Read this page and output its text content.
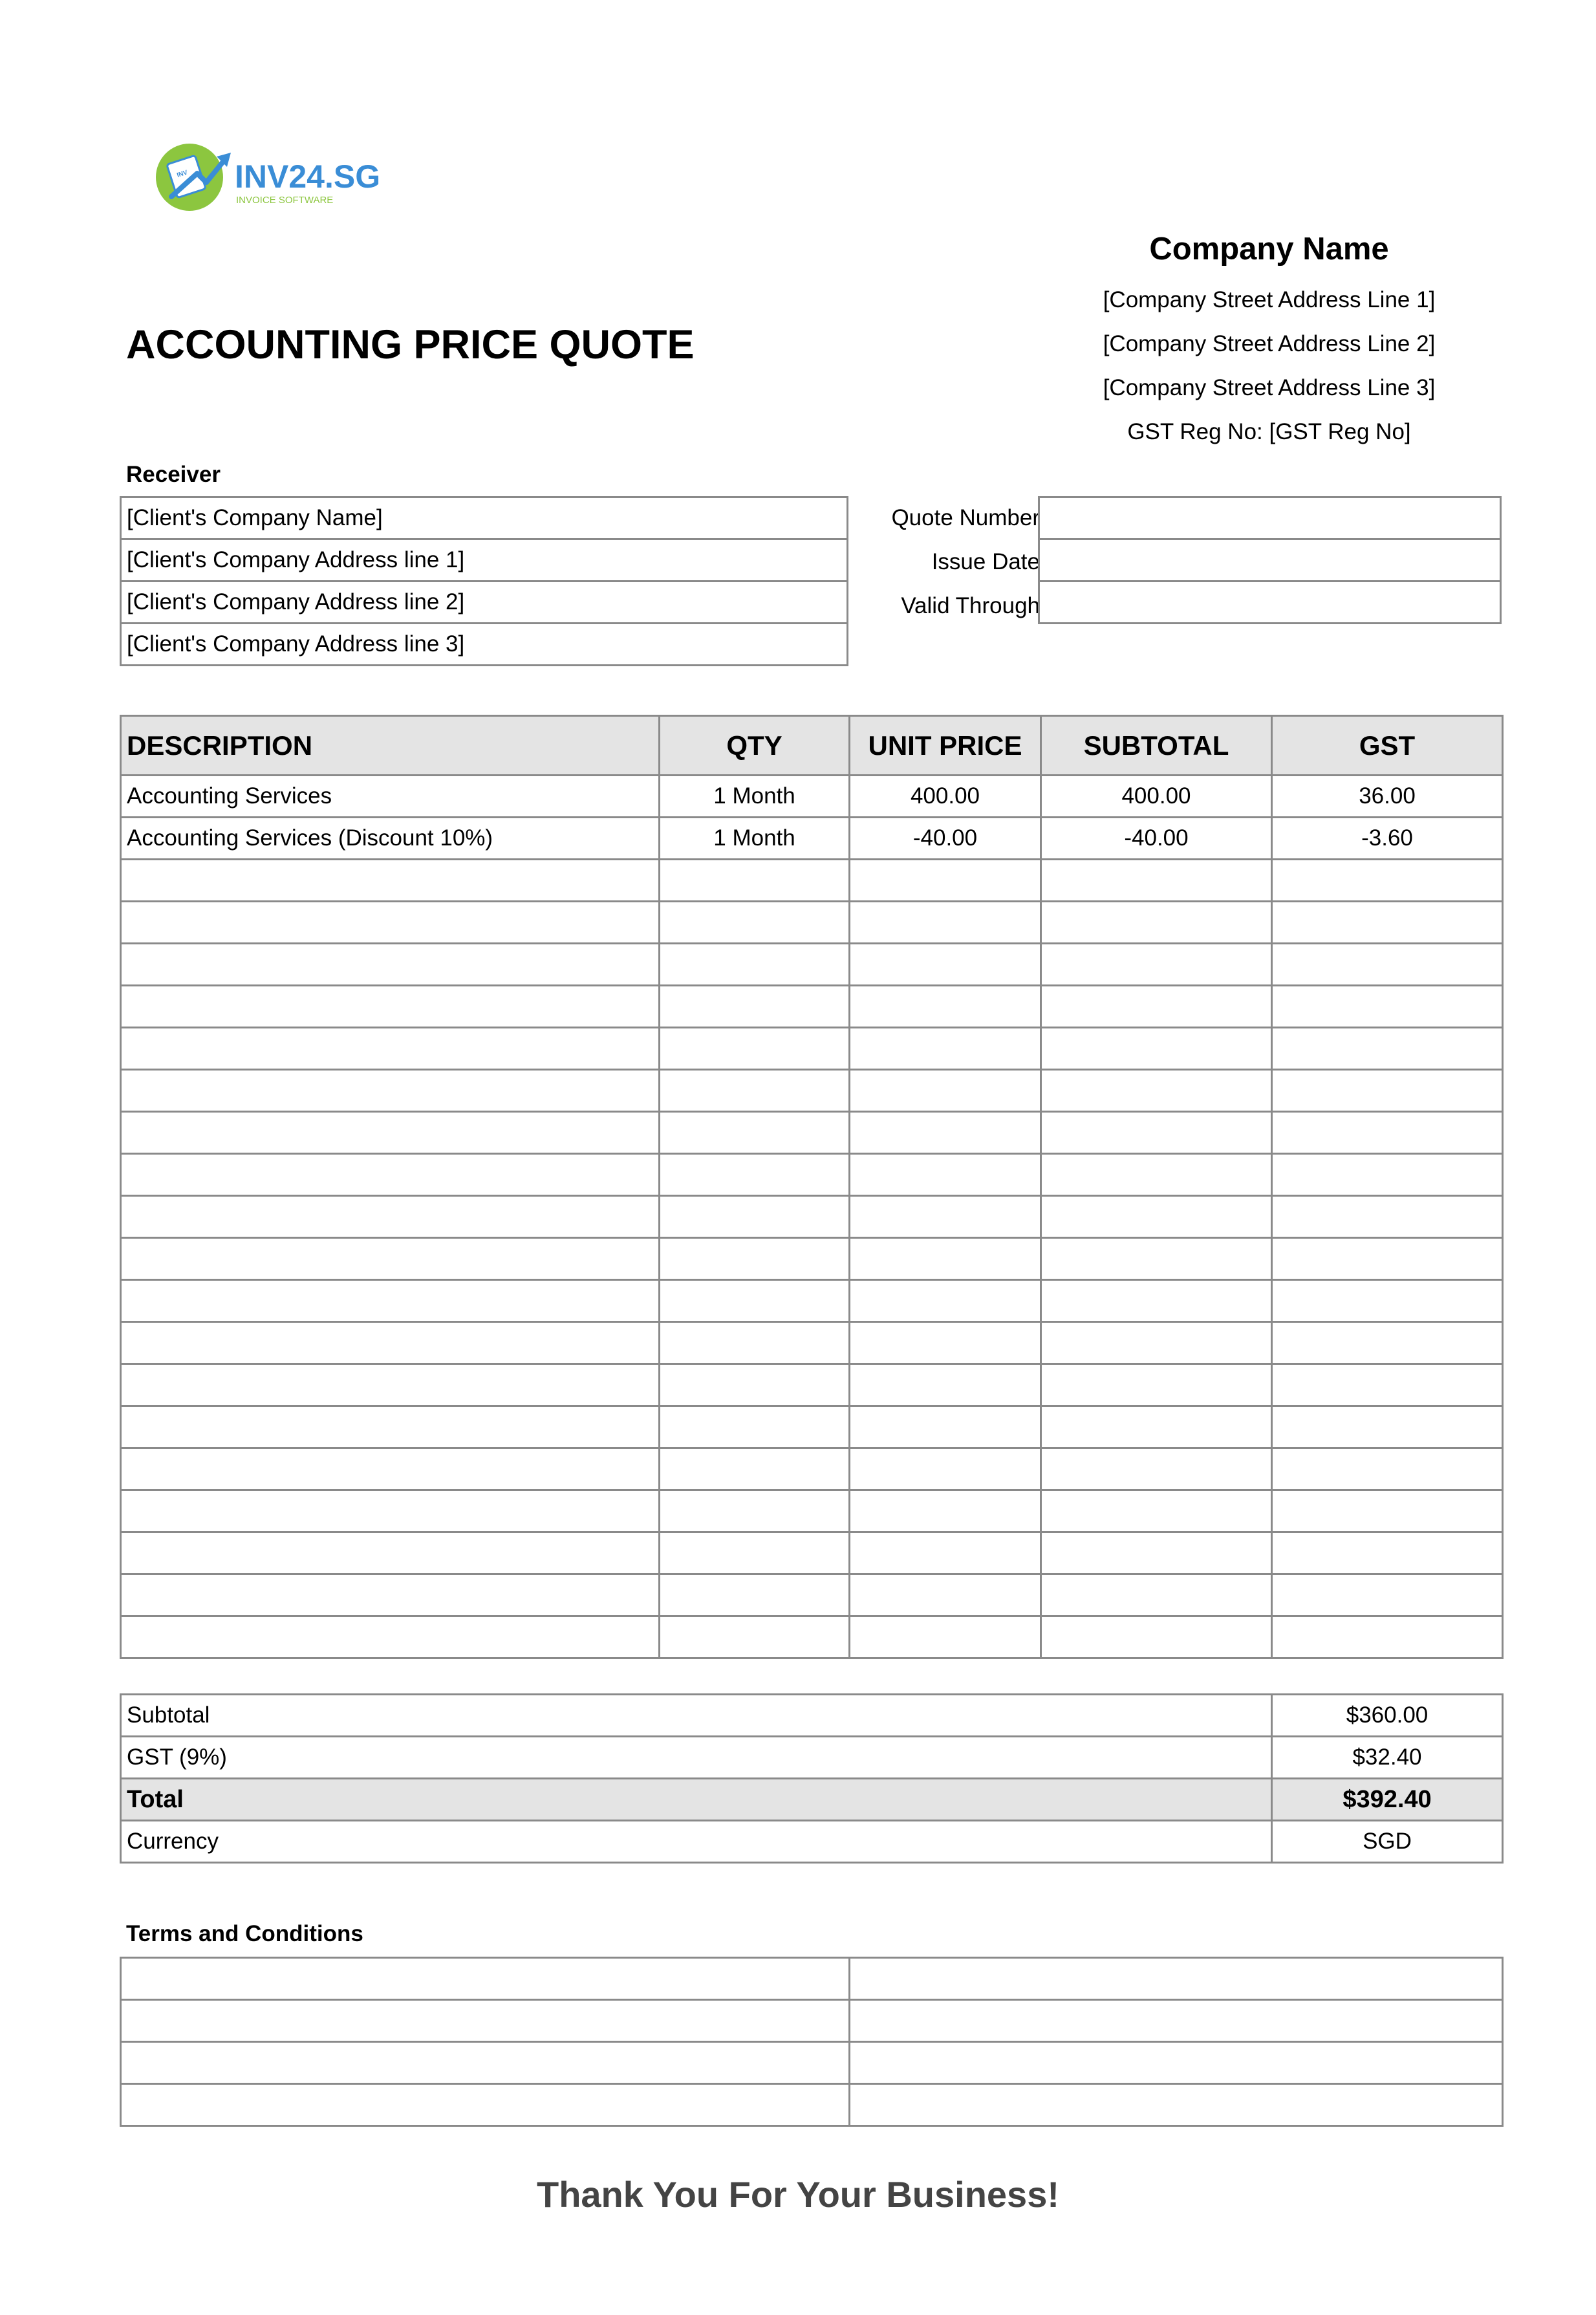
INV INV24.SG
INVOICE SOFTWARE
Company Name
[Company Street Address Line 1]
[Company Street Address Line 2]
[Company Street Address Line 3]
GST Reg No: [GST Reg No]
ACCOUNTING PRICE QUOTE
Receiver
[Client's Company Name]
[Client's Company Address line 1]
[Client's Company Address line 2]
[Client's Company Address line 3]
Quote Number
Issue Date
Valid Through

DESCRIPTION	QTY	UNIT PRICE	SUBTOTAL	GST
Accounting Services	1 Month	400.00	400.00	36.00
Accounting Services (Discount 10%)	1 Month	-40.00	-40.00	-3.60

Subtotal	$360.00
GST (9%)	$32.40
Total	$392.40
Currency	SGD
Terms and Conditions

Thank You For Your Business!
